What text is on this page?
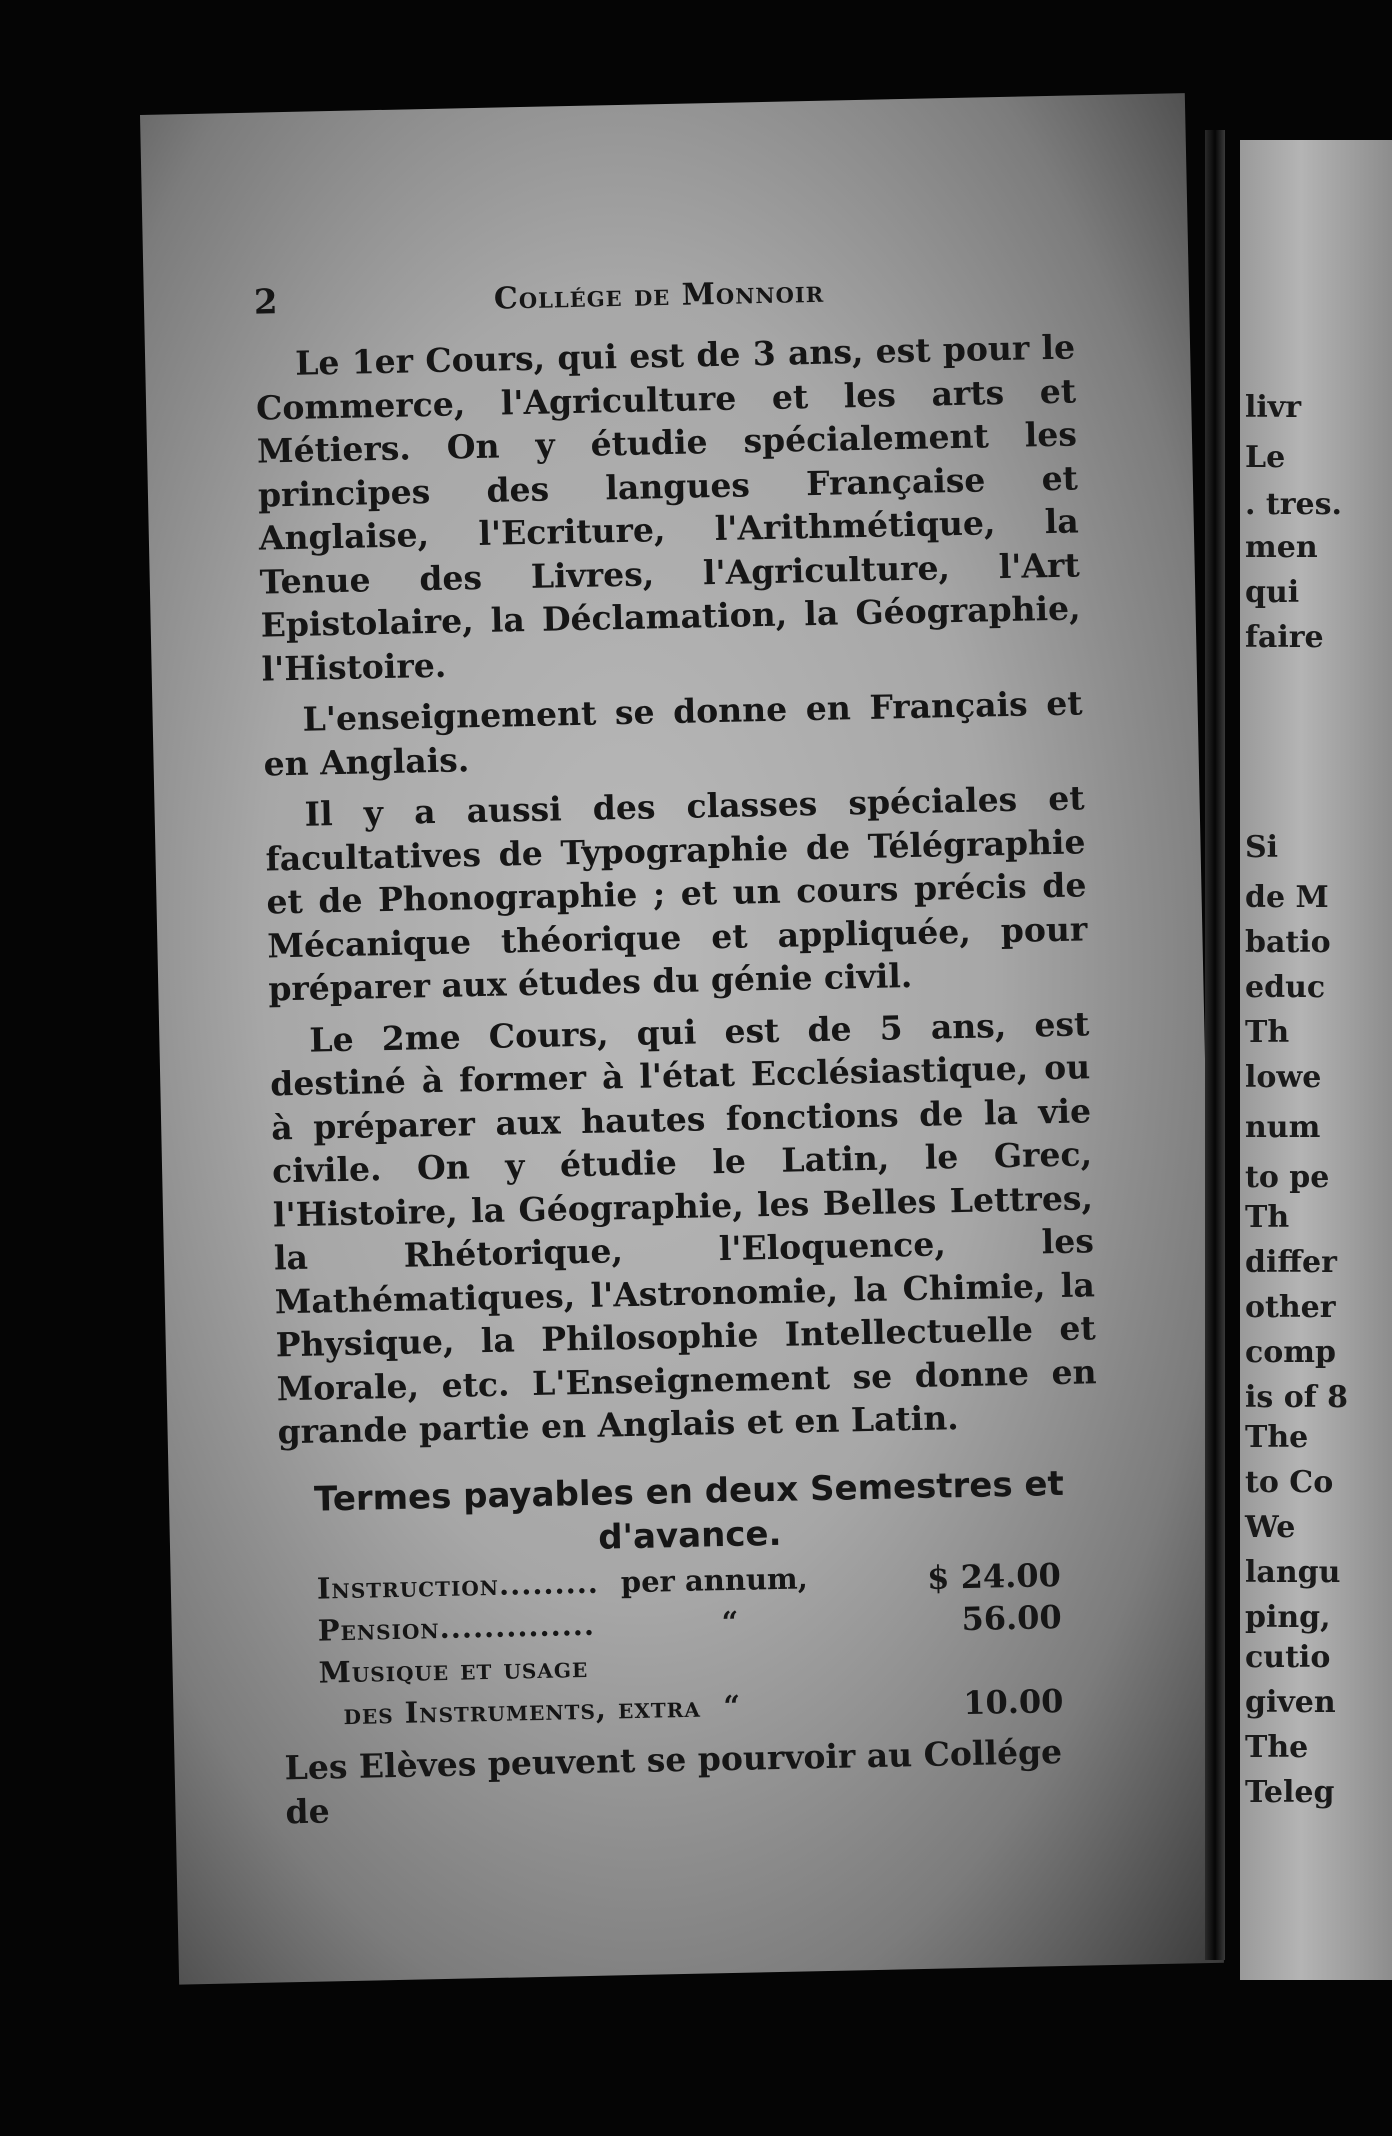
2	Collége de Monnoir

Le 1er Cours, qui est de 3 ans, est pour le Commerce, l'Agriculture et les arts et Métiers. On y étudie spécialement les principes des langues Française et Anglaise, l'Ecriture, l'Arithmétique, la Tenue des Livres, l'Agriculture, l'Art Epistolaire, la Déclamation, la Géographie, l'Histoire.

L'enseignement se donne en Français et en Anglais.

Il y a aussi des classes spéciales et facultatives de Typographie de Télégraphie et de Phonographie ; et un cours précis de Mécanique théorique et appliquée, pour préparer aux études du génie civil.

Le 2me Cours, qui est de 5 ans, est destiné à former à l'état Ecclésiastique, ou à préparer aux hautes fonctions de la vie civile. On y étudie le Latin, le Grec, l'Histoire, la Géographie, les Belles Lettres, la Rhétorique, l'Eloquence, les Mathématiques, l'Astronomie, la Chimie, la Physique, la Philosophie Intellectuelle et Morale, etc. L'Enseignement se donne en grande partie en Anglais et en Latin.

Termes payables en deux Semestres et
d'avance.
Instruction......... per annum,	$ 24.00
Pension..............	“	56.00
Musique et usage
des Instruments, extra “	10.00
Les Elèves peuvent se pourvoir au Collége de
livr
Le
. tres.
men
qui
faire
Si
de M
batio
educ
Th
lowe
num
to pe
Th
differ
other
comp
is of 8
The
to Co
We
langu
ping,
cutio
given
The
Teleg
